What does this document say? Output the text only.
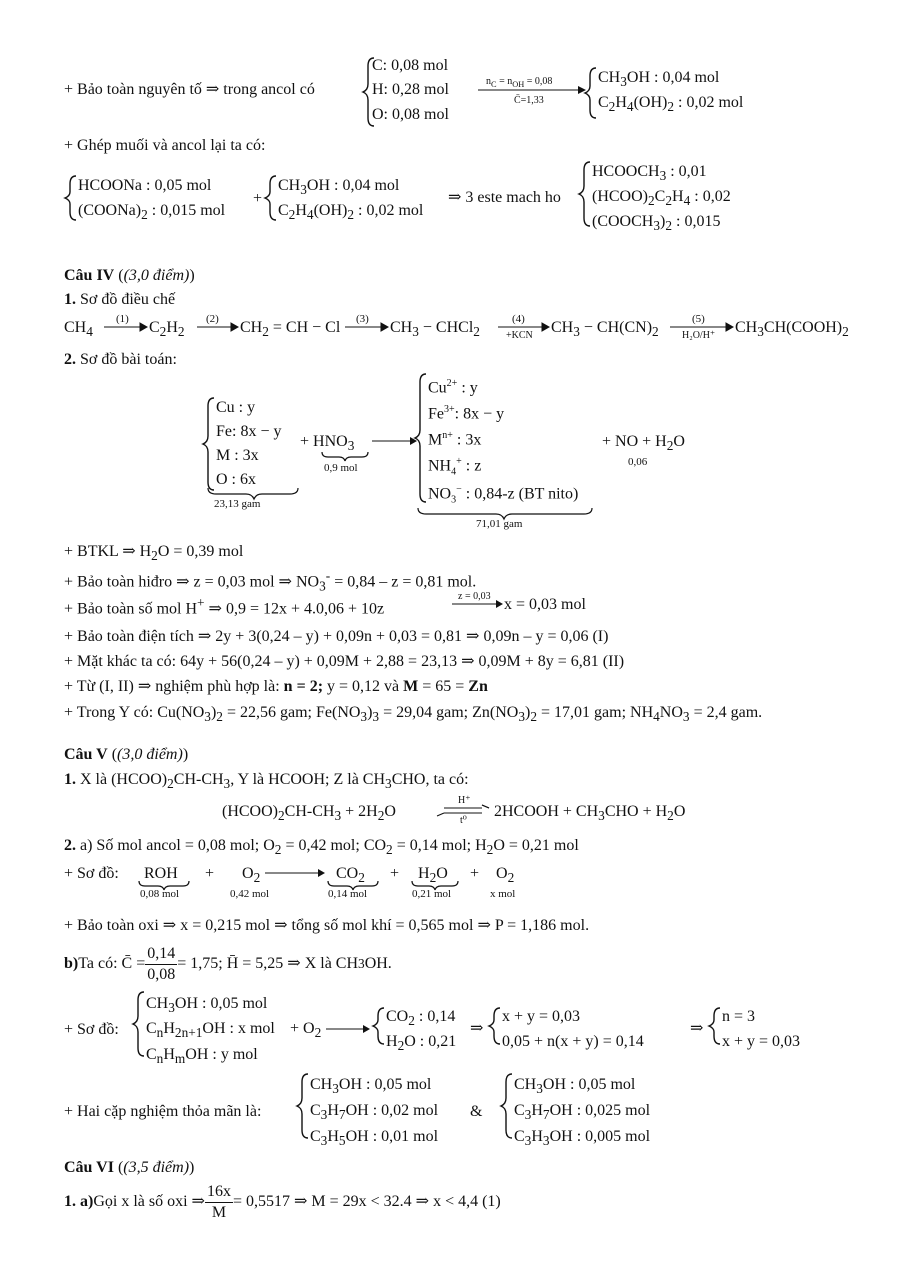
+ Bảo toàn nguyên tố ⇒ trong ancol có
C: 0,08 mol
H: 0,28 mol
O: 0,08 mol
$n_C = n_{OH} = 0,08$
C̄=1,33
$CH_3OH$ : 0,04 mol
$C_2H_4(OH)_2$ : 0,02 mol
+ Ghép muối và ancol lại ta có:
HCOONa : 0,05 mol
$(COONa)_2$ : 0,015 mol
+
$CH_3OH$ : 0,04 mol
$C_2H_4(OH)_2$ : 0,02 mol
⇒ 3 este mach ho
$HCOOCH_3$ : 0,01
$(HCOO)_2C_2H_4$ : 0,02
$(COOCH_3)_2$ : 0,015
Câu IV ((3,0 điểm))
1. Sơ đồ điều chế
$CH_4$
(1) $C_2H_2$
(2) $CH_2$ = CH − Cl (3) $CH_3$ − CHCl$_2$
(4)
+KCN $CH_3 - CH(CN)_2$
(5)
H₂O/H⁺ $CH_3CH(COOH)_2$
2. Sơ đồ bài toán:
Cu : y
Fe: 8x − y
M : 3x
O : 6x
23,13 gam
+ $HNO_3$
0,9 mol
$Cu^{2+}$ : y
$Fe^{3+}$: 8x − y
$M^{n+}$ : 3x
$NH_4^+$ : z
$NO_3^-$ : 0,84-z (BT nito)
71,01 gam
+ NO + $H_2O$
0,06
+ BTKL ⇒ $H_2O = 0,39$ mol
+ Bảo toàn hiđro ⇒ z = 0,03 mol ⇒ $NO_3^- = 0,84 - z = 0,81$ mol.
+ Bảo toàn số mol H+ ⇒ 0,9 = 12x + 4.0,06 + 10z
z = 0,03 x = 0,03 mol
+ Bảo toàn điện tích ⇒ 2y + 3(0,24 – y) + 0,09n + 0,03 = 0,81 ⇒ 0,09n – y = 0,06 (I)
+ Mặt khác ta có: 64y + 56(0,24 – y) + 0,09M + 2,88 = 23,13 ⇒ 0,09M + 8y = 6,81 (II)
+ Từ (I, II) ⇒ nghiệm phù hợp là: n = 2; y = 0,12 và M = 65 = Zn
+ Trong Y có: $Cu(NO_3)_2 = 22,56$ gam; $Fe(NO_3)_3 = 29,04$ gam; $Zn(NO_3)_2 = 17,01$ gam; $NH_4NO_3 = 2,4$ gam.
Câu V ((3,0 điểm))
1. X là $(HCOO)_2CH-CH_3$, Y là HCOOH; Z là $CH_3CHO$, ta có:
$(HCOO)_2CH-CH_3 + 2H_2O$
H⁺
t⁰
2HCOOH + $CH_3CHO + H_2O$
2. a) Số mol ancol = 0,08 mol; $O_2 = 0,42$ mol; $CO_2 = 0,14$ mol; $H_2O = 0,21$ mol
+ Sơ đồ: ROH
0,08 mol
+ $O_2$
0,42 mol
$CO_2$
0,14 mol
+ $H_2O$
0,21 mol
+ $O_2$
x mol
+ Bảo toàn oxi ⇒ x = 0,215 mol ⇒ tổng số mol khí = 0,565 mol ⇒ P = 1,186 mol.
b) Ta có: C̄ = $\frac{0,14}{0,08} = 1,75$; H̄ = 5,25 ⇒ X là CH 3 OH.
+ Sơ đồ:
$CH_3OH$ : 0,05 mol
$C_nH_{2n+1}OH$ : x mol
$C_nH_mOH$ : y mol
+ $O_2$
$CO_2$ : 0,14
$H_2O$ : 0,21
⇒
x + y = 0,03
0,05 + n(x + y) = 0,14
⇒
n = 3
x + y = 0,03
+ Hai cặp nghiệm thỏa mãn là:
$CH_3OH$ : 0,05 mol
$C_3H_7OH$ : 0,02 mol
$C_3H_5OH$ : 0,01 mol
&
$CH_3OH$ : 0,05 mol
$C_3H_7OH$ : 0,025 mol
$C_3H_3OH$ : 0,005 mol
Câu VI ((3,5 điểm))
1. a) Gọi x là số oxi ⇒ $\frac{16x}{M} = 0,5517$ ⇒ M = 29x < 32.4 ⇒ x < 4,4 (1)
